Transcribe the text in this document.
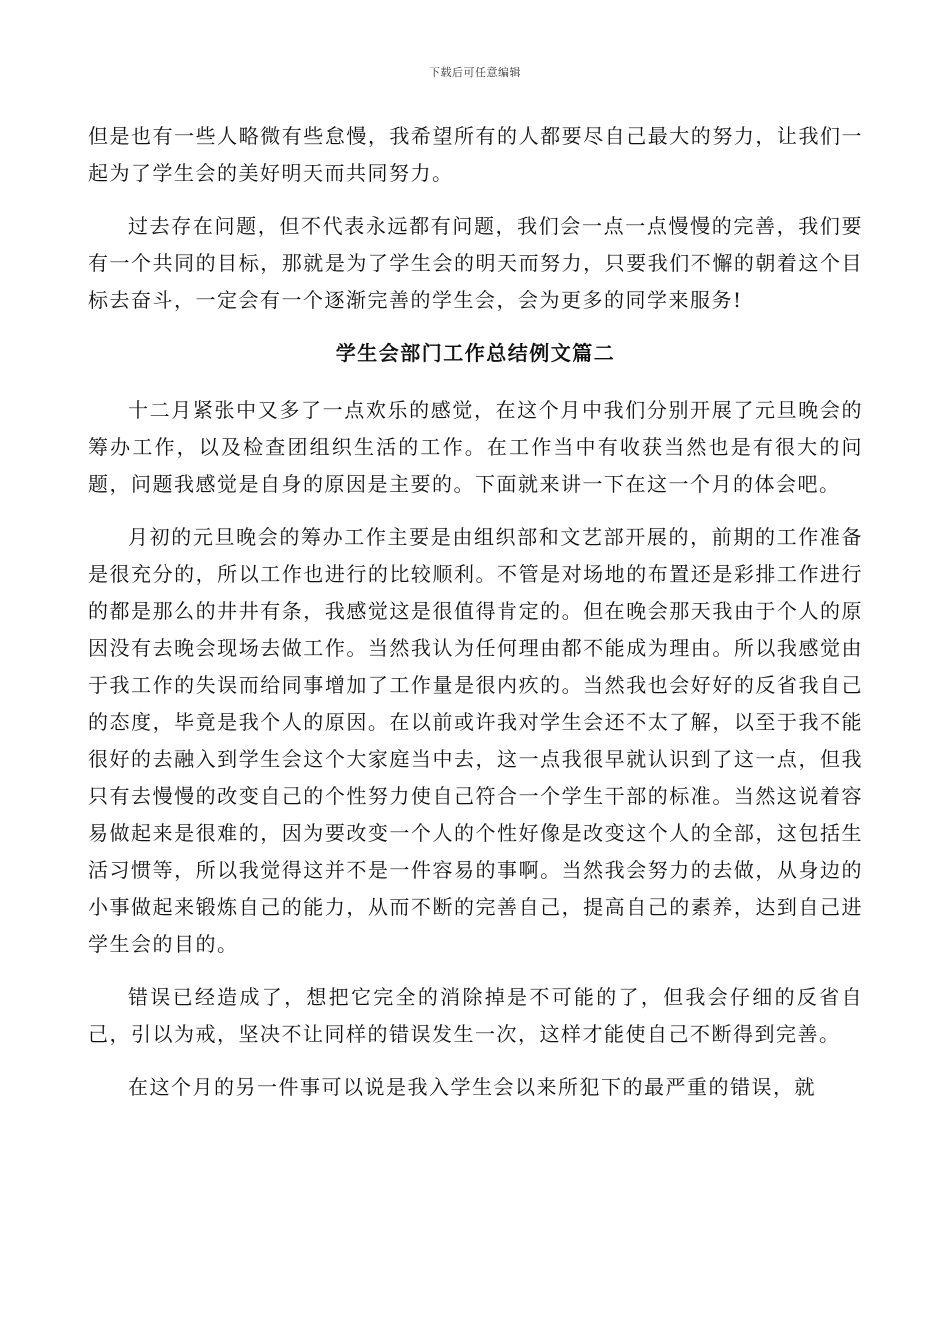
下载后可任意编辑

但是也有一些人略微有些怠慢，我希望所有的人都要尽自己最大的努力，让我们一起为了学生会的美好明天而共同努力。

过去存在问题，但不代表永远都有问题，我们会一点一点慢慢的完善，我们要有一个共同的目标，那就是为了学生会的明天而努力，只要我们不懈的朝着这个目标去奋斗，一定会有一个逐渐完善的学生会，会为更多的同学来服务!

学生会部门工作总结例文篇二

十二月紧张中又多了一点欢乐的感觉，在这个月中我们分别开展了元旦晚会的筹办工作，以及检查团组织生活的工作。在工作当中有收获当然也是有很大的问题，问题我感觉是自身的原因是主要的。下面就来讲一下在这一个月的体会吧。

月初的元旦晚会的筹办工作主要是由组织部和文艺部开展的，前期的工作准备是很充分的，所以工作也进行的比较顺利。不管是对场地的布置还是彩排工作进行的都是那么的井井有条，我感觉这是很值得肯定的。但在晚会那天我由于个人的原因没有去晚会现场去做工作。当然我认为任何理由都不能成为理由。所以我感觉由于我工作的失误而给同事增加了工作量是很内疚的。当然我也会好好的反省我自己的态度，毕竟是我个人的原因。在以前或许我对学生会还不太了解，以至于我不能很好的去融入到学生会这个大家庭当中去，这一点我很早就认识到了这一点，但我只有去慢慢的改变自己的个性努力使自己符合一个学生干部的标准。当然这说着容易做起来是很难的，因为要改变一个人的个性好像是改变这个人的全部，这包括生活习惯等，所以我觉得这并不是一件容易的事啊。当然我会努力的去做，从身边的小事做起来锻炼自己的能力，从而不断的完善自己，提高自己的素养，达到自己进学生会的目的。

错误已经造成了，想把它完全的消除掉是不可能的了，但我会仔细的反省自己，引以为戒，坚决不让同样的错误发生一次，这样才能使自己不断得到完善。

在这个月的另一件事可以说是我入学生会以来所犯下的最严重的错误，就
